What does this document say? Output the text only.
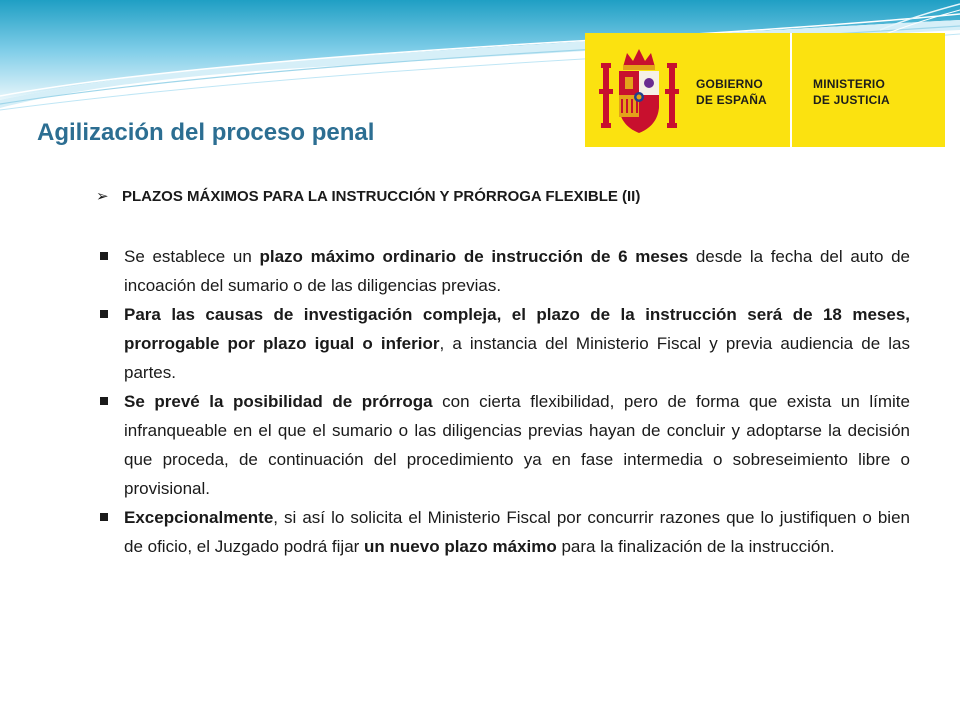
GOBIERNO
DE ESPAÑA
MINISTERIO
DE JUSTICIA
Agilización del proceso penal
➢ PLAZOS MÁXIMOS PARA LA INSTRUCCIÓN Y PRÓRROGA FLEXIBLE (II)
Se establece un plazo máximo ordinario de instrucción de 6 meses desde la fecha del auto de incoación del sumario o de las diligencias previas.
Para las causas de investigación compleja, el plazo de la instrucción será de 18 meses, prorrogable por plazo igual o inferior, a instancia del Ministerio Fiscal y previa audiencia de las partes.
Se prevé la posibilidad de prórroga con cierta flexibilidad, pero de forma que exista un límite infranqueable en el que el sumario o las diligencias previas hayan de concluir y adoptarse la decisión que proceda, de continuación del procedimiento ya en fase intermedia o sobreseimiento libre o provisional.
Excepcionalmente, si así lo solicita el Ministerio Fiscal por concurrir razones que lo justifiquen o bien de oficio, el Juzgado podrá fijar un nuevo plazo máximo para la finalización de la instrucción.
